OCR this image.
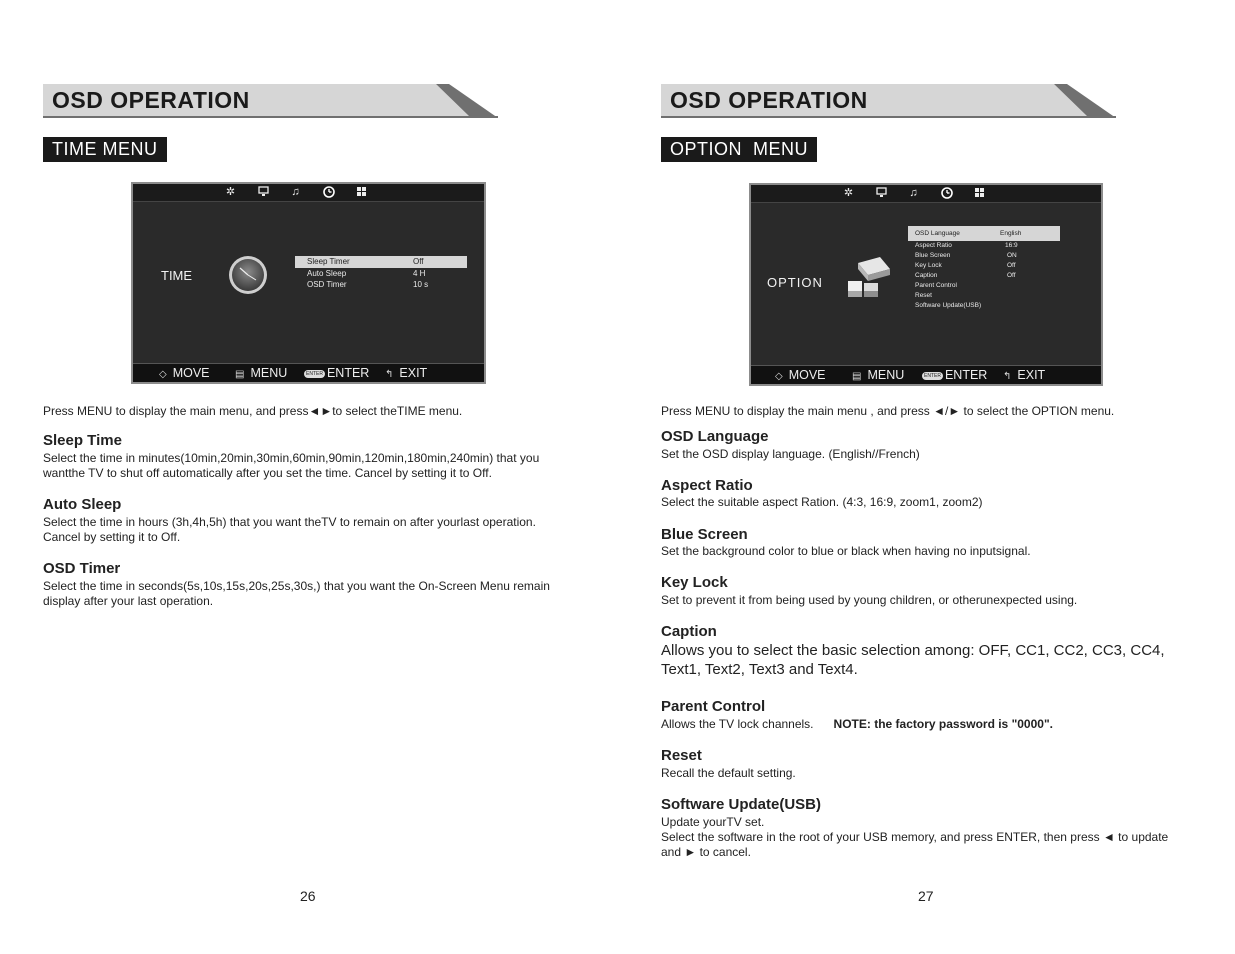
OSD OPERATION
TIME MENU
✲	♫
TIME
Sleep Timer	Off
Auto Sleep	4 H
OSD Timer	10 s
◇ MOVE	▤ MENU	ENTER ENTER ↰ EXIT
Press MENU to display the main menu, and press◄►to select theTIME menu.
Sleep Time
Select the time in minutes(10min,20min,30min,60min,90min,120min,180min,240min) that you
wantthe TV to shut off automatically after you set the time. Cancel by setting it to Off.
Auto Sleep
Select the time in hours (3h,4h,5h) that you want theTV to remain on after yourlast operation.
Cancel by setting it to Off.
OSD Timer
Select the time in seconds(5s,10s,15s,20s,25s,30s,) that you want the On-Screen Menu remain
display after your last operation.
26
OSD OPERATION
OPTION  MENU
✲	♫
OPTION
OSD Language	English
Aspect Ratio	16:9
Blue Screen	ON
Key Lock	Off
Caption	Off
Parent Control
Reset
Software Update(USB)
◇ MOVE	▤ MENU	ENTER ENTER ↰ EXIT
Press MENU to display the main menu , and press ◄/► to select the OPTION menu.
OSD Language
Set the OSD display language. (English//French)
Aspect Ratio
Select the suitable aspect Ration. (4:3, 16:9, zoom1, zoom2)
Blue Screen
Set the background color to blue or black when having no inputsignal.
Key Lock
Set to prevent it from being used by young children, or otherunexpected using.
Caption
Allows you to select the basic selection among: OFF, CC1, CC2, CC3, CC4,
Text1, Text2, Text3 and Text4.
Parent Control
Allows the TV lock channels. NOTE: the factory password is "0000".
Reset
Recall the default setting.
Software Update(USB)
Update yourTV set.
Select the software in the root of your USB memory, and press ENTER, then press ◄ to update
and ► to cancel.
27
